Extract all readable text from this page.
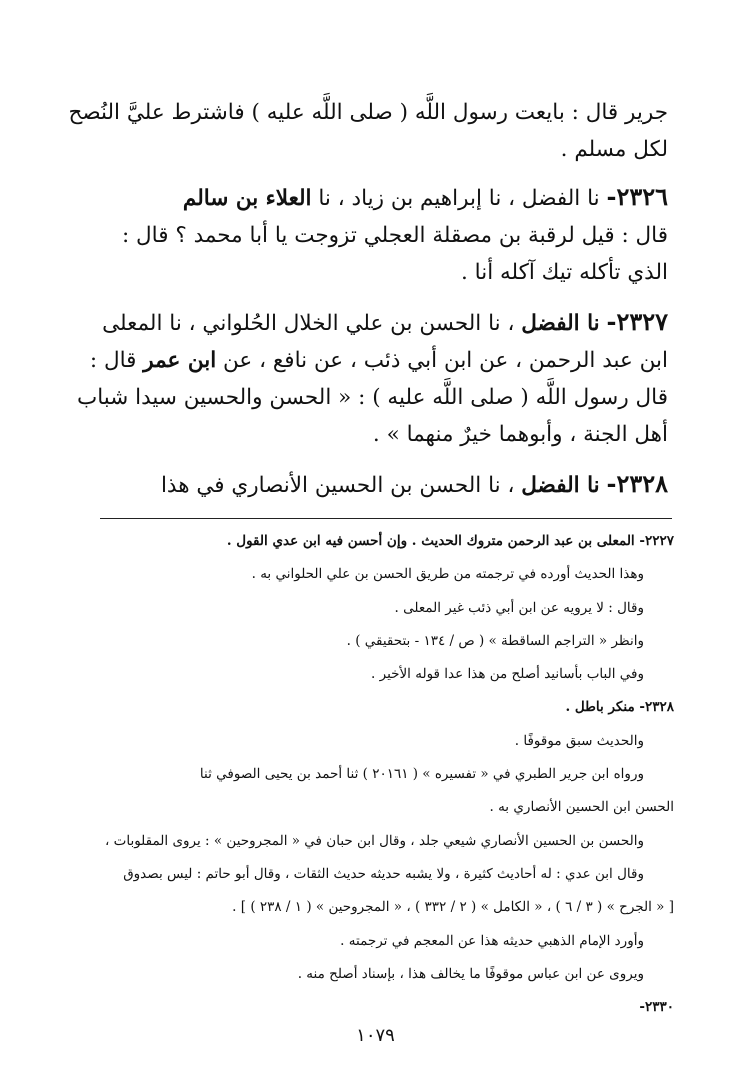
جرير قال : بايعت رسول اللَّه ( صلى اللَّه عليه ) فاشترط عليَّ النُصح
لكل مسلم .
٢٣٢٦- نا الفضل ، نا إبراهيم بن زياد ، نا العلاء بن سالم
قال : قيل لرقبة بن مصقلة العجلي تزوجت يا أبا محمد ؟ قال :
الذي تأكله تيك آكله أنا .
٢٣٢٧- نا الفضل ، نا الحسن بن علي الخلال الحُلواني ، نا المعلى
ابن عبد الرحمن ، عن ابن أبي ذئب ، عن نافع ، عن ابن عمر قال :
قال رسول اللَّه ( صلى اللَّه عليه ) : « الحسن والحسين سيدا شباب
أهل الجنة ، وأبوهما خيرٌ منهما » .
٢٣٢٨- نا الفضل ، نا الحسن بن الحسين الأنصاري في هذا
٢٢٢٧- المعلى بن عبد الرحمن متروك الحديث . وإن أحسن فيه ابن عدي القول .
وهذا الحديث أورده في ترجمته من طريق الحسن بن علي الحلواني به .
وقال : لا يرويه عن ابن أبي ذئب غير المعلى .
وانظر « التراجم الساقطة » ( ص / ١٣٤ - بتحقيقي ) .
وفي الباب بأسانيد أصلح من هذا عدا قوله الأخير .
٢٣٢٨- منكر باطل .
والحديث سبق موقوفًا .
ورواه ابن جرير الطبري في « تفسيره » ( ٢٠١٦١ ) ثنا أحمد بن يحيى الصوفي ثنا
الحسن ابن الحسين الأنصاري به .
والحسن بن الحسين الأنصاري شيعي جلد ، وقال ابن حبان في « المجروحين » : يروى المقلوبات ،
وقال ابن عدي : له أحاديث كثيرة ، ولا يشبه حديثه حديث الثقات ، وقال أبو حاتم : ليس بصدوق
[ « الجرح » ( ٣ / ٦ ) ، « الكامل » ( ٢ / ٣٣٢ ) ، « المجروحين » ( ١ / ٢٣٨ ) ] .
وأورد الإمام الذهبي حديثه هذا عن المعجم في ترجمته .
ويروى عن ابن عباس موقوفًا ما يخالف هذا ، بإسناد أصلح منه .
٢٣٣٠-
١٠٧٩
